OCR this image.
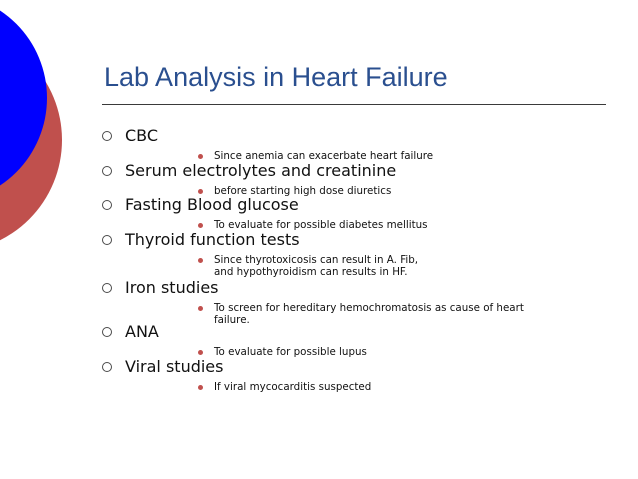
Lab Analysis in Heart Failure
CBC
Since anemia can exacerbate heart failure
Serum electrolytes and creatinine
before starting high dose diuretics
Fasting Blood glucose
To evaluate for possible diabetes mellitus
Thyroid function tests
Since thyrotoxicosis can result in A. Fib,
and hypothyroidism can results in HF.
Iron studies
To screen for hereditary hemochromatosis as cause of heart
failure.
ANA
To evaluate for possible lupus
Viral studies
If viral mycocarditis suspected
